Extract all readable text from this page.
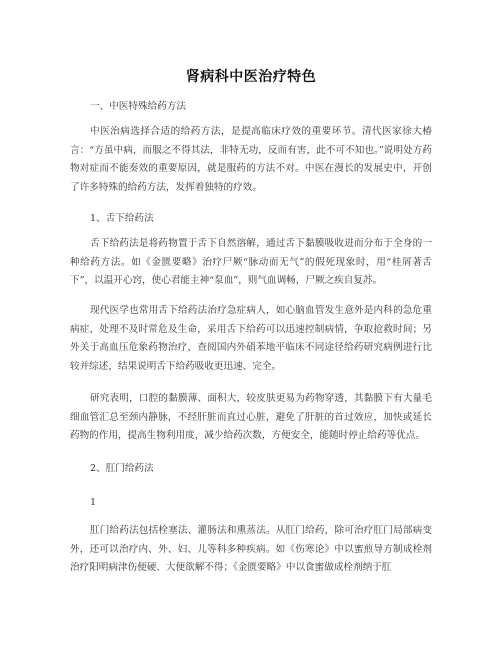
肾病科中医治疗特色
一、中医特殊给药方法

中医治病选择合适的给药方法，是提高临床疗效的重要环节。清代医家徐大椿言：“方虽中病，而服之不得其法，非特无功，反而有害，此不可不知也。”说明处方药物对症而不能奏效的重要原因，就是服药的方法不对。中医在漫长的发展史中，开创了许多特殊的给药方法，发挥着独特的疗效。

1、舌下给药法

舌下给药法是将药物置于舌下自然溶解，通过舌下黏膜吸收进而分布于全身的一种给药方法。如《金匮要略》治疗尸厥“脉动而无气”的假死现象时，用“桂屑著舌下”，以温开心窍，使心君能主神“泵血”，则气血调畅，尸厥之疾自复苏。

现代医学也常用舌下给药法治疗急症病人，如心脑血管发生意外是内科的急危重病症，处理不及时常危及生命，采用舌下给药可以迅速控制病情，争取抢救时间；另外关于高血压危象药物治疗，查阅国内外硝苯地平临床不同途径给药研究病例进行比较并综述，结果说明舌下给药吸收更迅速、完全。

研究表明，口腔的黏膜薄、面积大，较皮肤更易为药物穿透，其黏膜下有大量毛细血管汇总至颈内静脉，不经肝脏而直过心脏，避免了肝脏的首过效应，加快或延长药物的作用，提高生物利用度，减少给药次数，方便安全，能随时停止给药等优点。

2、肛门给药法
1

肛门给药法包括栓塞法、灌肠法和熏蒸法。从肛门给药，除可治疗肛门局部病变外，还可以治疗内、外、妇、儿等科多种疾病。如《伤寒论》中以蜜煎导方制成栓剂治疗阳明病津伤便硬、大便欲解不得；《金匮要略》中以食蜜做成栓剂纳于肛
